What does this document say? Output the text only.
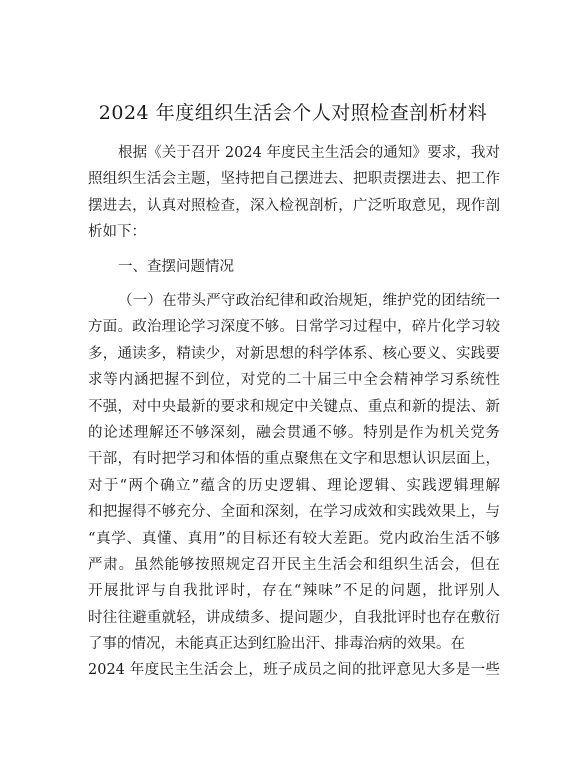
2024 年度组织生活会个人对照检查剖析材料
根据《关于召开 2024 年度民主生活会的通知》要求，我对
照组织生活会主题，坚持把自己摆进去、把职责摆进去、把工作
摆进去，认真对照检查，深入检视剖析，广泛听取意见，现作剖
析如下：
一、查摆问题情况
（一）在带头严守政治纪律和政治规矩，维护党的团结统一
方面。政治理论学习深度不够。日常学习过程中，碎片化学习较
多，通读多，精读少，对新思想的科学体系、核心要义、实践要
求等内涵把握不到位，对党的二十届三中全会精神学习系统性
不强，对中央最新的要求和规定中关键点、重点和新的提法、新
的论述理解还不够深刻，融会贯通不够。特别是作为机关党务
干部，有时把学习和体悟的重点聚焦在文字和思想认识层面上，
对于“两个确立”蕴含的历史逻辑、理论逻辑、实践逻辑理解
和把握得不够充分、全面和深刻，在学习成效和实践效果上，与
“真学、真懂、真用”的目标还有较大差距。党内政治生活不够
严肃。虽然能够按照规定召开民主生活会和组织生活会，但在
开展批评与自我批评时，存在“辣味”不足的问题，批评别人
时往往避重就轻，讲成绩多、提问题少，自我批评时也存在敷衍
了事的情况，未能真正达到红脸出汗、排毒治病的效果。在
2024 年度民主生活会上，班子成员之间的批评意见大多是一些
